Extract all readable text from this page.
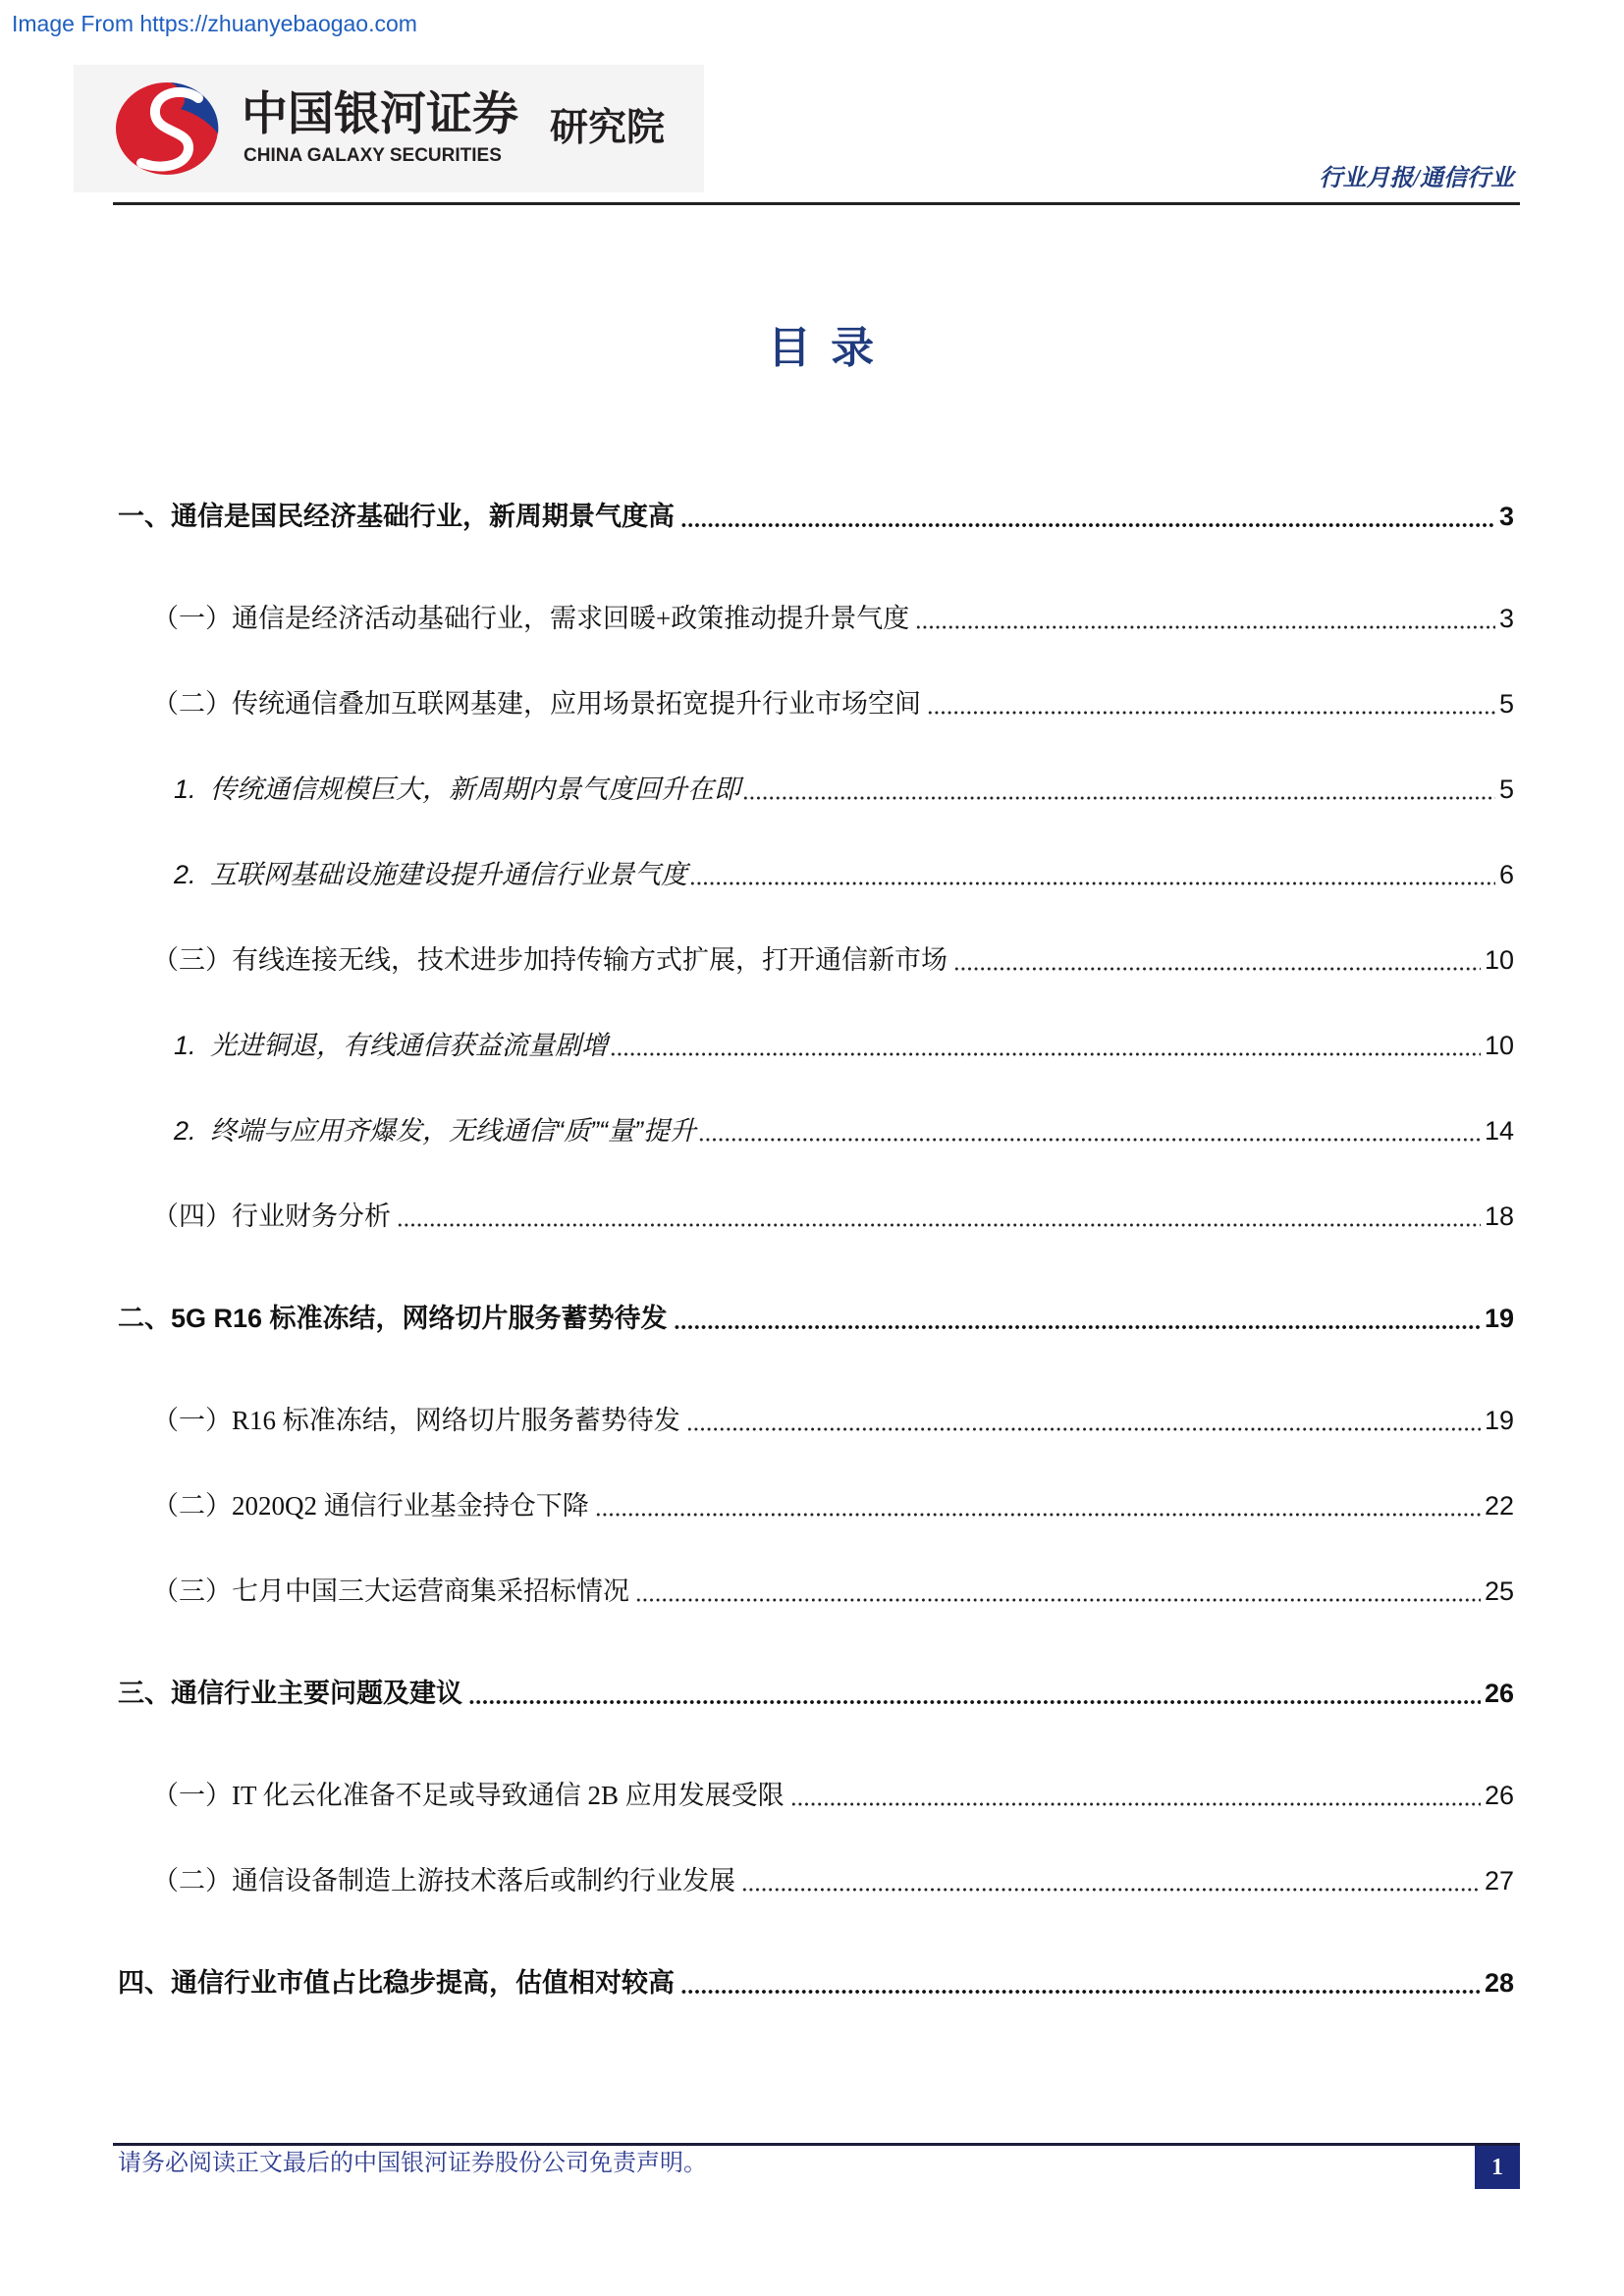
Image From https://zhuanyebaogao.com
中国银河证券
CHINA GALAXY SECURITIES
研究院
行业月报/通信行业
目 录
一、通信是国民经济基础行业，新周期景气度高	3
（一）通信是经济活动基础行业，需求回暖+政策推动提升景气度	3
（二）传统通信叠加互联网基建，应用场景拓宽提升行业市场空间	5
1. 传统通信规模巨大，新周期内景气度回升在即	5
2. 互联网基础设施建设提升通信行业景气度	6
（三）有线连接无线，技术进步加持传输方式扩展，打开通信新市场	10
1. 光进铜退，有线通信获益流量剧增	10
2. 终端与应用齐爆发，无线通信“质”“量”提升	14
（四）行业财务分析	18
二、5G R16 标准冻结，网络切片服务蓄势待发	19
（一）R16 标准冻结，网络切片服务蓄势待发	19
（二）2020Q2 通信行业基金持仓下降	22
（三）七月中国三大运营商集采招标情况	25
三、通信行业主要问题及建议	26
（一）IT 化云化准备不足或导致通信 2B 应用发展受限	26
（二）通信设备制造上游技术落后或制约行业发展	27
四、通信行业市值占比稳步提高，估值相对较高	28
请务必阅读正文最后的中国银河证券股份公司免责声明。	1
